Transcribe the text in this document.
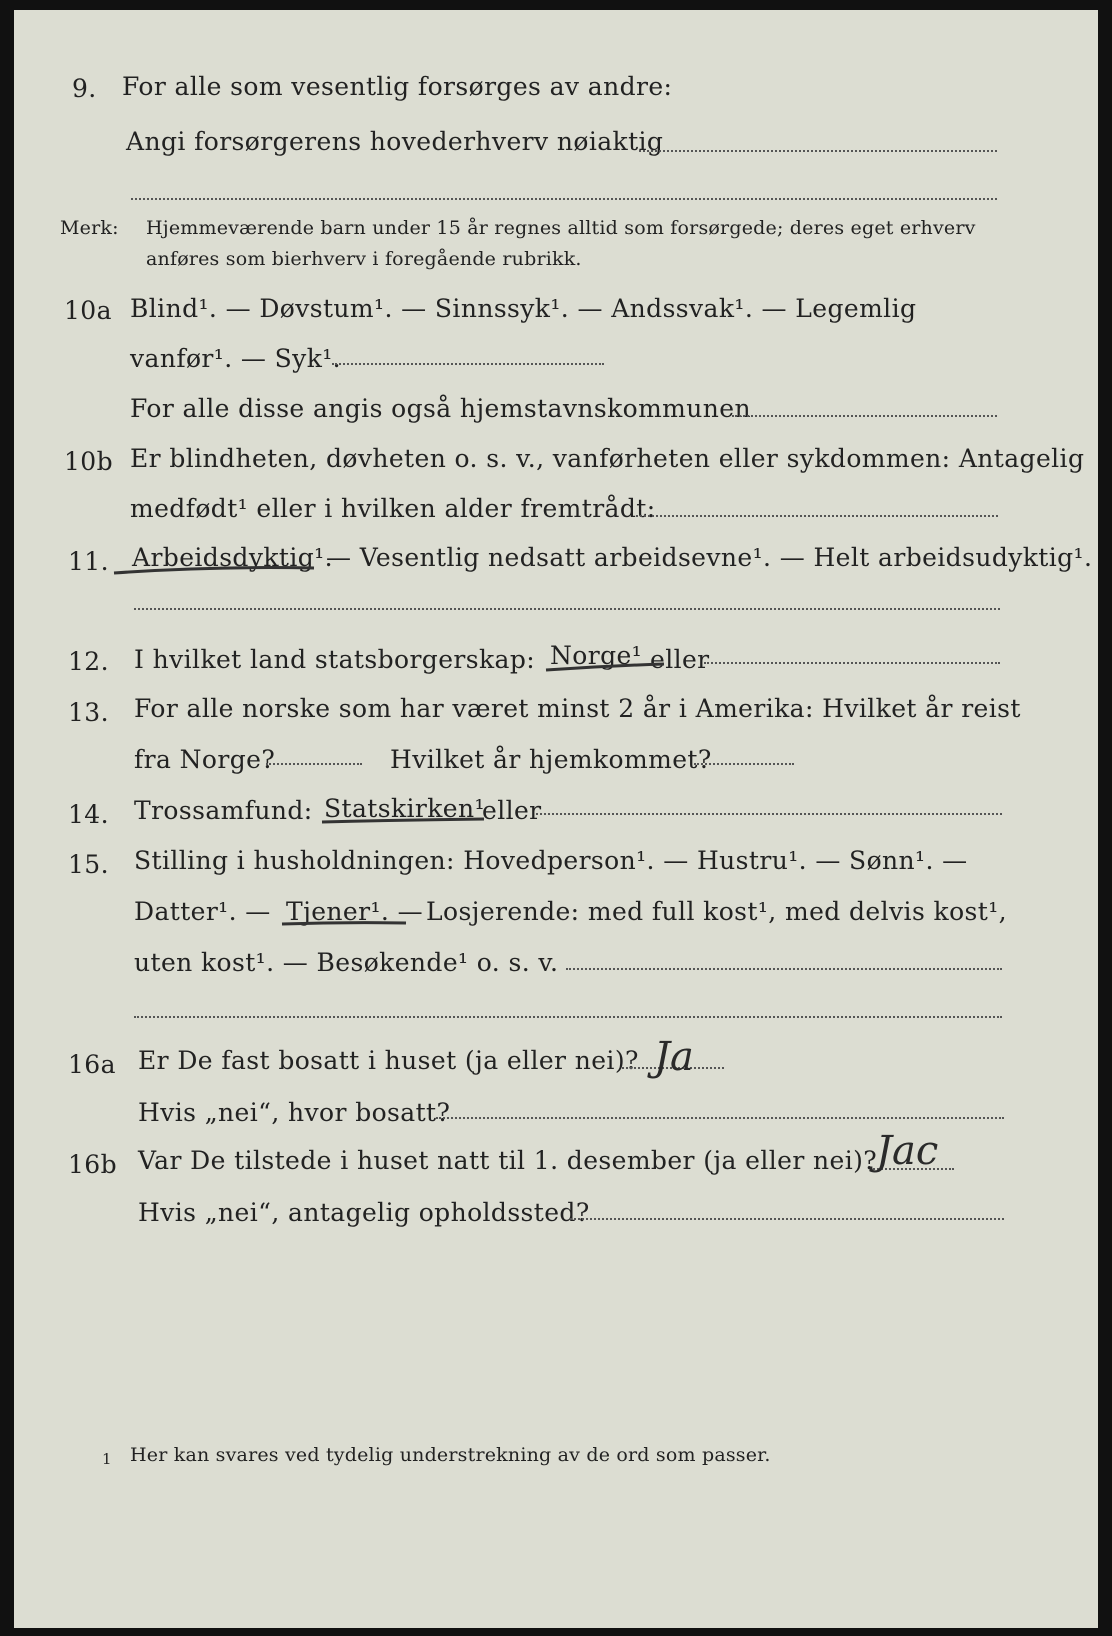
9. For alle som vesentlig forsørges av andre:
Angi forsørgerens hovederhverv nøiaktig
Merk: Hjemmeværende barn under 15 år regnes alltid som forsørgede; deres eget erhverv
anføres som bierhverv i foregående rubrikk.
10a Blind¹. — Døvstum¹. — Sinnssyk¹. — Andssvak¹. — Legemlig
vanfør¹. — Syk¹.
For alle disse angis også hjemstavnskommunen
10b Er blindheten, døvheten o. s. v., vanførheten eller sykdommen: Antagelig
medfødt¹ eller i hvilken alder fremtrådt:
11. Arbeidsdyktig¹.
— Vesentlig nedsatt arbeidsevne¹. — Helt arbeidsudyktig¹.
12. I hvilket land statsborgerskap: Norge¹ eller
13. For alle norske som har været minst 2 år i Amerika: Hvilket år reist
fra Norge?	Hvilket år hjemkommet?
14. Trossamfund: Statskirken¹
eller
15. Stilling i husholdningen: Hovedperson¹. — Hustru¹. — Sønn¹. —
Datter¹. — Tjener¹. — Losjerende: med full kost¹, med delvis kost¹,
uten kost¹. — Besøkende¹ o. s. v.
16a Er De fast bosatt i huset (ja eller nei)? Ja
Hvis „nei“, hvor bosatt?
16b Var De tilstede i huset natt til 1. desember (ja eller nei)?
Jac
Hvis „nei“, antagelig opholdssted?
1 Her kan svares ved tydelig understrekning av de ord som passer.
